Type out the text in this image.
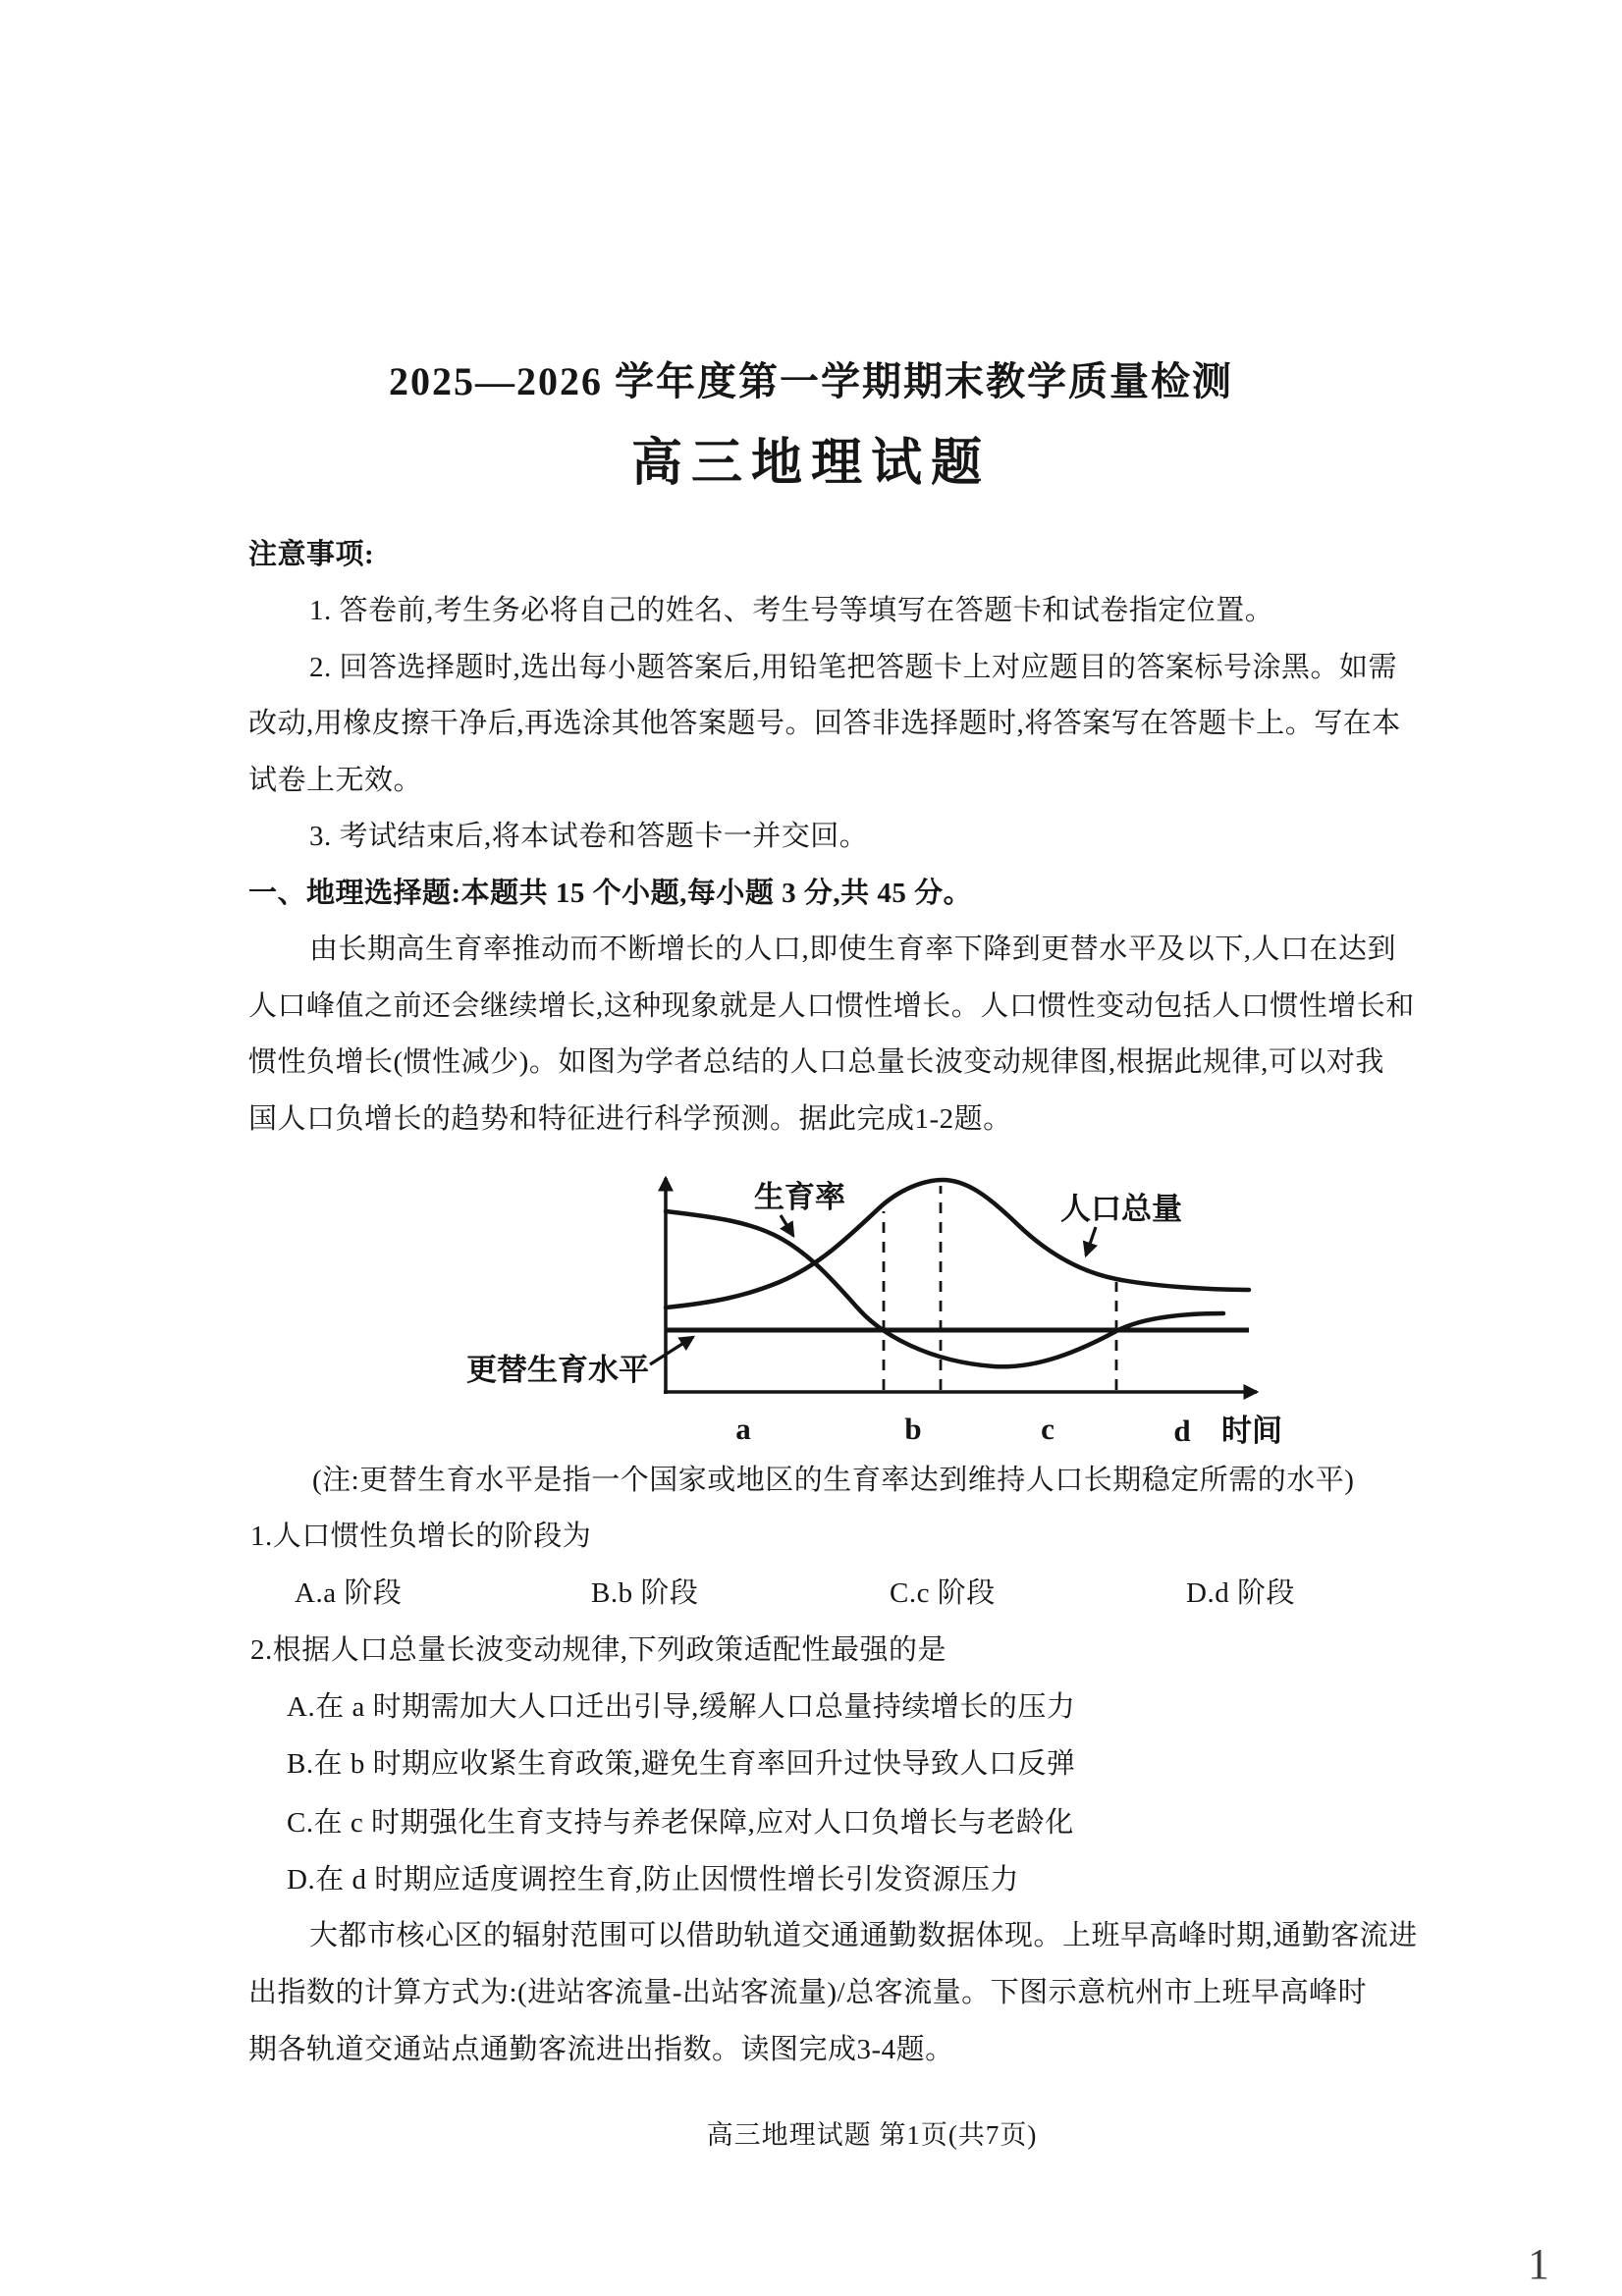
2025—2026 学年度第一学期期末教学质量检测
高三地理试题
注意事项:
1. 答卷前,考生务必将自己的姓名、考生号等填写在答题卡和试卷指定位置。
2. 回答选择题时,选出每小题答案后,用铅笔把答题卡上对应题目的答案标号涂黑。如需
改动,用橡皮擦干净后,再选涂其他答案题号。回答非选择题时,将答案写在答题卡上。写在本
试卷上无效。
3. 考试结束后,将本试卷和答题卡一并交回。
一、地理选择题:本题共 15 个小题,每小题 3 分,共 45 分。
由长期高生育率推动而不断增长的人口,即使生育率下降到更替水平及以下,人口在达到
人口峰值之前还会继续增长,这种现象就是人口惯性增长。人口惯性变动包括人口惯性增长和
惯性负增长(惯性减少)。如图为学者总结的人口总量长波变动规律图,根据此规律,可以对我
国人口负增长的趋势和特征进行科学预测。据此完成1-2题。
生育率	人口总量
更替生育水平
a	b	c	d 时间
(注:更替生育水平是指一个国家或地区的生育率达到维持人口长期稳定所需的水平)
1.人口惯性负增长的阶段为
A.a 阶段	B.b 阶段	C.c 阶段	D.d 阶段
2.根据人口总量长波变动规律,下列政策适配性最强的是
A.在 a 时期需加大人口迁出引导,缓解人口总量持续增长的压力
B.在 b 时期应收紧生育政策,避免生育率回升过快导致人口反弹
C.在 c 时期强化生育支持与养老保障,应对人口负增长与老龄化
D.在 d 时期应适度调控生育,防止因惯性增长引发资源压力
大都市核心区的辐射范围可以借助轨道交通通勤数据体现。上班早高峰时期,通勤客流进
出指数的计算方式为:(进站客流量-出站客流量)/总客流量。下图示意杭州市上班早高峰时
期各轨道交通站点通勤客流进出指数。读图完成3-4题。
高三地理试题 第1页(共7页)
1
